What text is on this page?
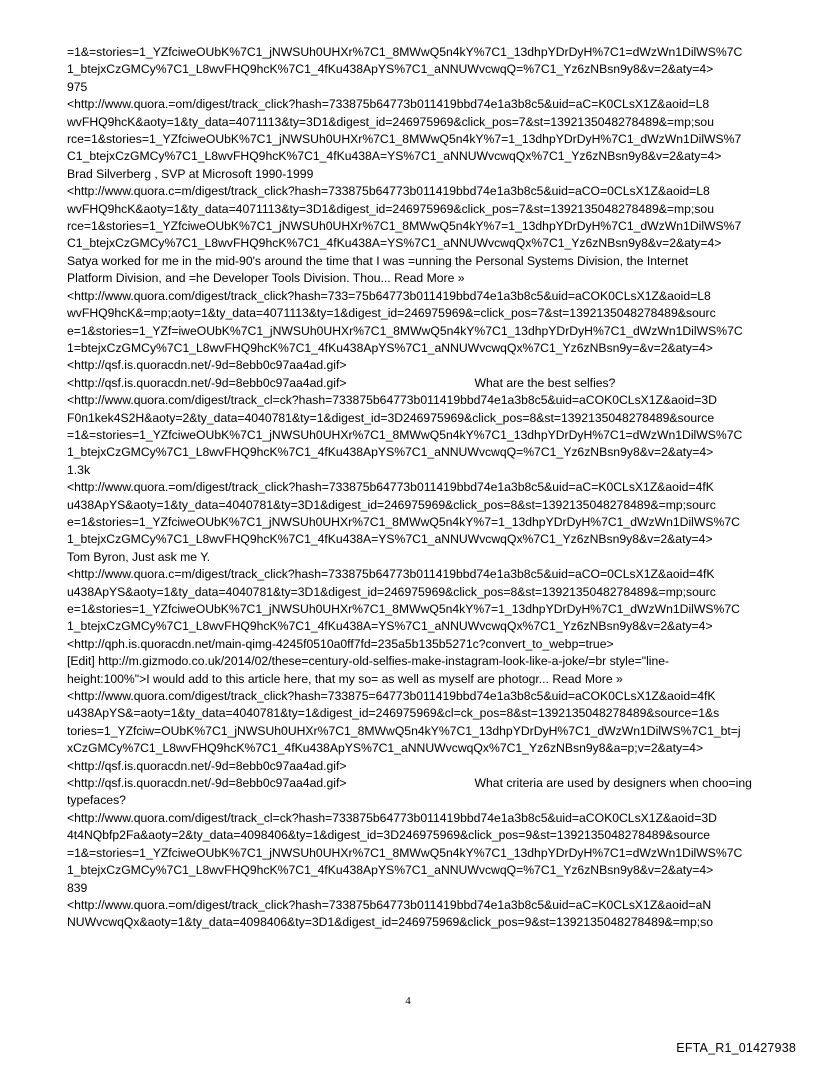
=1&=stories=1_YZfciweOUbK%7C1_jNWSUh0UHXr%7C1_8MWwQ5n4kY%7C1_13dhpYDrDyH%7C1=dWzWn1DilWS%7C
1_btejxCzGMCy%7C1_L8wvFHQ9hcK%7C1_4fKu438ApYS%7C1_aNNUWvcwqQ=%7C1_Yz6zNBsn9y8&v=2&aty=4>
975
<http://www.quora.=om/digest/track_click?hash=733875b64773b011419bbd74e1a3b8c5&uid=aC=K0CLsX1Z&aoid=L8
wvFHQ9hcK&aoty=1&ty_data=4071113&ty=3D1&digest_id=246975969&click_pos=7&st=1392135048278489&=mp;sou
rce=1&stories=1_YZfciweOUbK%7C1_jNWSUh0UHXr%7C1_8MWwQ5n4kY%7=1_13dhpYDrDyH%7C1_dWzWn1DilWS%7
C1_btejxCzGMCy%7C1_L8wvFHQ9hcK%7C1_4fKu438A=YS%7C1_aNNUWvcwqQx%7C1_Yz6zNBsn9y8&v=2&aty=4>
Brad Silverberg , SVP at Microsoft 1990-1999
<http://www.quora.c=m/digest/track_click?hash=733875b64773b011419bbd74e1a3b8c5&uid=aCO=0CLsX1Z&aoid=L8
wvFHQ9hcK&aoty=1&ty_data=4071113&ty=3D1&digest_id=246975969&click_pos=7&st=1392135048278489&=mp;sou
rce=1&stories=1_YZfciweOUbK%7C1_jNWSUh0UHXr%7C1_8MWwQ5n4kY%7=1_13dhpYDrDyH%7C1_dWzWn1DilWS%7
C1_btejxCzGMCy%7C1_L8wvFHQ9hcK%7C1_4fKu438A=YS%7C1_aNNUWvcwqQx%7C1_Yz6zNBsn9y8&v=2&aty=4>
Satya worked for me in the mid-90's around the time that I was =unning the Personal Systems Division, the Internet
Platform Division, and =he Developer Tools Division. Thou... Read More »
<http://www.quora.com/digest/track_click?hash=733=75b64773b011419bbd74e1a3b8c5&uid=aCOK0CLsX1Z&aoid=L8
wvFHQ9hcK&=mp;aoty=1&ty_data=4071113&ty=1&digest_id=246975969&=click_pos=7&st=1392135048278489&sourc
e=1&stories=1_YZf=iweOUbK%7C1_jNWSUh0UHXr%7C1_8MWwQ5n4kY%7C1_13dhpYDrDyH%7C1_dWzWn1DilWS%7C
1=btejxCzGMCy%7C1_L8wvFHQ9hcK%7C1_4fKu438ApYS%7C1_aNNUWvcwqQx%7C1_Yz6zNBsn9y=&v=2&aty=4>
<http://qsf.is.quoracdn.net/-9d=8ebb0c97aa4ad.gif>
<http://qsf.is.quoracdn.net/-9d=8ebb0c97aa4ad.gif>	What are the best selfies?
<http://www.quora.com/digest/track_cl=ck?hash=733875b64773b011419bbd74e1a3b8c5&uid=aCOK0CLsX1Z&aoid=3D
F0n1kek4S2H&aoty=2&ty_data=4040781&ty=1&digest_id=3D246975969&click_pos=8&st=1392135048278489&source
=1&=stories=1_YZfciweOUbK%7C1_jNWSUh0UHXr%7C1_8MWwQ5n4kY%7C1_13dhpYDrDyH%7C1=dWzWn1DilWS%7C
1_btejxCzGMCy%7C1_L8wvFHQ9hcK%7C1_4fKu438ApYS%7C1_aNNUWvcwqQ=%7C1_Yz6zNBsn9y8&v=2&aty=4>
1.3k
<http://www.quora.=om/digest/track_click?hash=733875b64773b011419bbd74e1a3b8c5&uid=aC=K0CLsX1Z&aoid=4fK
u438ApYS&aoty=1&ty_data=4040781&ty=3D1&digest_id=246975969&click_pos=8&st=1392135048278489&=mp;sourc
e=1&stories=1_YZfciweOUbK%7C1_jNWSUh0UHXr%7C1_8MWwQ5n4kY%7=1_13dhpYDrDyH%7C1_dWzWn1DilWS%7C
1_btejxCzGMCy%7C1_L8wvFHQ9hcK%7C1_4fKu438A=YS%7C1_aNNUWvcwqQx%7C1_Yz6zNBsn9y8&v=2&aty=4>
Tom Byron, Just ask me Y.
<http://www.quora.c=m/digest/track_click?hash=733875b64773b011419bbd74e1a3b8c5&uid=aCO=0CLsX1Z&aoid=4fK
u438ApYS&aoty=1&ty_data=4040781&ty=3D1&digest_id=246975969&click_pos=8&st=1392135048278489&=mp;sourc
e=1&stories=1_YZfciweOUbK%7C1_jNWSUh0UHXr%7C1_8MWwQ5n4kY%7=1_13dhpYDrDyH%7C1_dWzWn1DilWS%7C
1_btejxCzGMCy%7C1_L8wvFHQ9hcK%7C1_4fKu438A=YS%7C1_aNNUWvcwqQx%7C1_Yz6zNBsn9y8&v=2&aty=4>
<http://qph.is.quoracdn.net/main-qimg-4245f0510a0ff7fd=235a5b135b5271c?convert_to_webp=true>
[Edit] http://m.gizmodo.co.uk/2014/02/these=century-old-selfies-make-instagram-look-like-a-joke/=br style="line-
height:100%">I would add to this article here, that my so= as well as myself are photogr... Read More »
<http://www.quora.com/digest/track_click?hash=733875=64773b011419bbd74e1a3b8c5&uid=aCOK0CLsX1Z&aoid=4fK
u438ApYS&=aoty=1&ty_data=4040781&ty=1&digest_id=246975969&cl=ck_pos=8&st=1392135048278489&source=1&s
tories=1_YZfciw=OUbK%7C1_jNWSUh0UHXr%7C1_8MWwQ5n4kY%7C1_13dhpYDrDyH%7C1_dWzWn1DilWS%7C1_bt=j
xCzGMCy%7C1_L8wvFHQ9hcK%7C1_4fKu438ApYS%7C1_aNNUWvcwqQx%7C1_Yz6zNBsn9y8&a=p;v=2&aty=4>
<http://qsf.is.quoracdn.net/-9d=8ebb0c97aa4ad.gif>
<http://qsf.is.quoracdn.net/-9d=8ebb0c97aa4ad.gif>	What criteria are used by designers when choo=ing
typefaces?
<http://www.quora.com/digest/track_cl=ck?hash=733875b64773b011419bbd74e1a3b8c5&uid=aCOK0CLsX1Z&aoid=3D
4t4NQbfp2Fa&aoty=2&ty_data=4098406&ty=1&digest_id=3D246975969&click_pos=9&st=1392135048278489&source
=1&=stories=1_YZfciweOUbK%7C1_jNWSUh0UHXr%7C1_8MWwQ5n4kY%7C1_13dhpYDrDyH%7C1=dWzWn1DilWS%7C
1_btejxCzGMCy%7C1_L8wvFHQ9hcK%7C1_4fKu438ApYS%7C1_aNNUWvcwqQ=%7C1_Yz6zNBsn9y8&v=2&aty=4>
839
<http://www.quora.=om/digest/track_click?hash=733875b64773b011419bbd74e1a3b8c5&uid=aC=K0CLsX1Z&aoid=aN
NUWvcwqQx&aoty=1&ty_data=4098406&ty=3D1&digest_id=246975969&click_pos=9&st=1392135048278489&=mp;so
4
EFTA_R1_01427938
